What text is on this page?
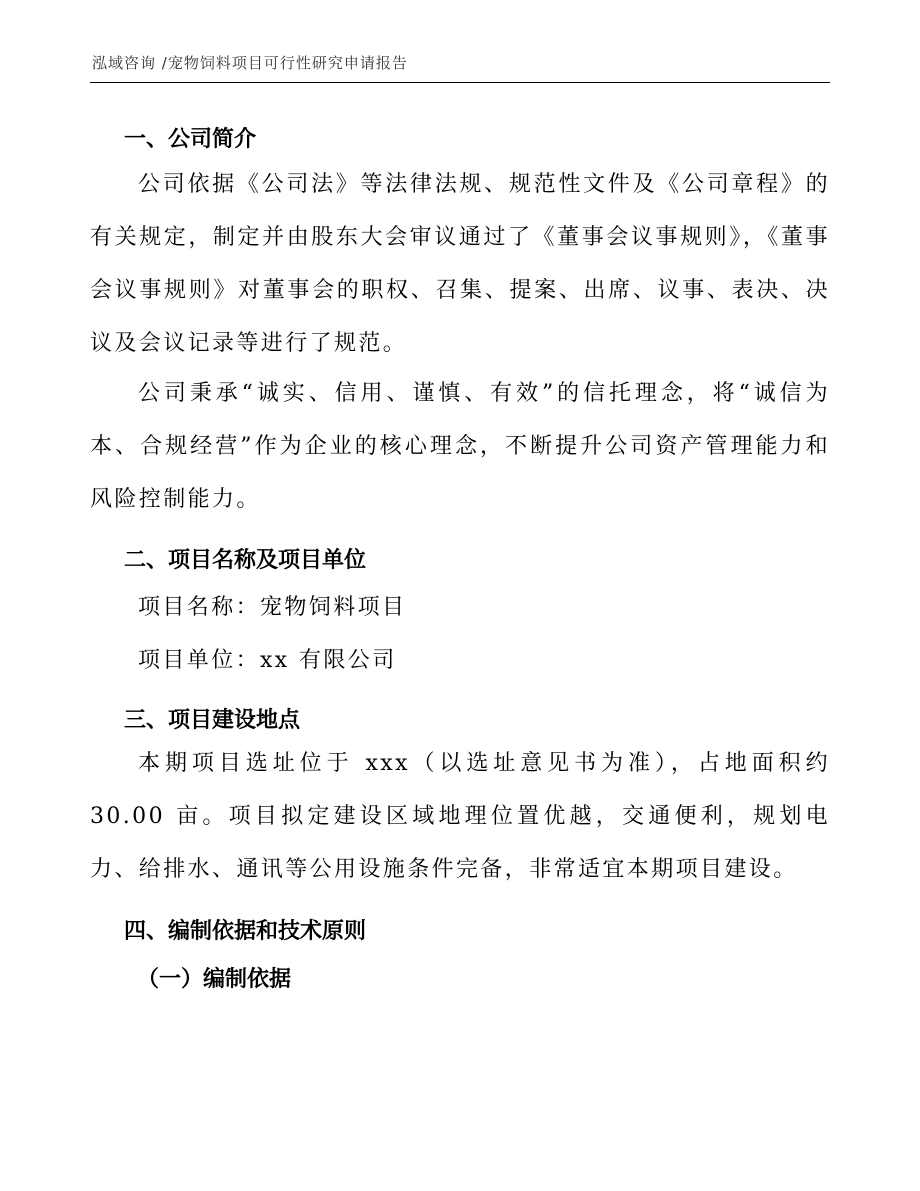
泓域咨询 /宠物饲料项目可行性研究申请报告
一、公司简介

公司依据《公司法》等法律法规、规范性文件及《公司章程》的有关规定，制定并由股东大会审议通过了《董事会议事规则》，《董事会议事规则》对董事会的职权、召集、提案、出席、议事、表决、决议及会议记录等进行了规范。

公司秉承“诚实、信用、谨慎、有效”的信托理念，将“诚信为本、合规经营”作为企业的核心理念，不断提升公司资产管理能力和风险控制能力。

二、项目名称及项目单位
项目名称：宠物饲料项目
项目单位：xx 有限公司
三、项目建设地点

本期项目选址位于 xxx（以选址意见书为准），占地面积约 30.00 亩。项目拟定建设区域地理位置优越，交通便利，规划电力、给排水、通讯等公用设施条件完备，非常适宜本期项目建设。

四、编制依据和技术原则
（一）编制依据
